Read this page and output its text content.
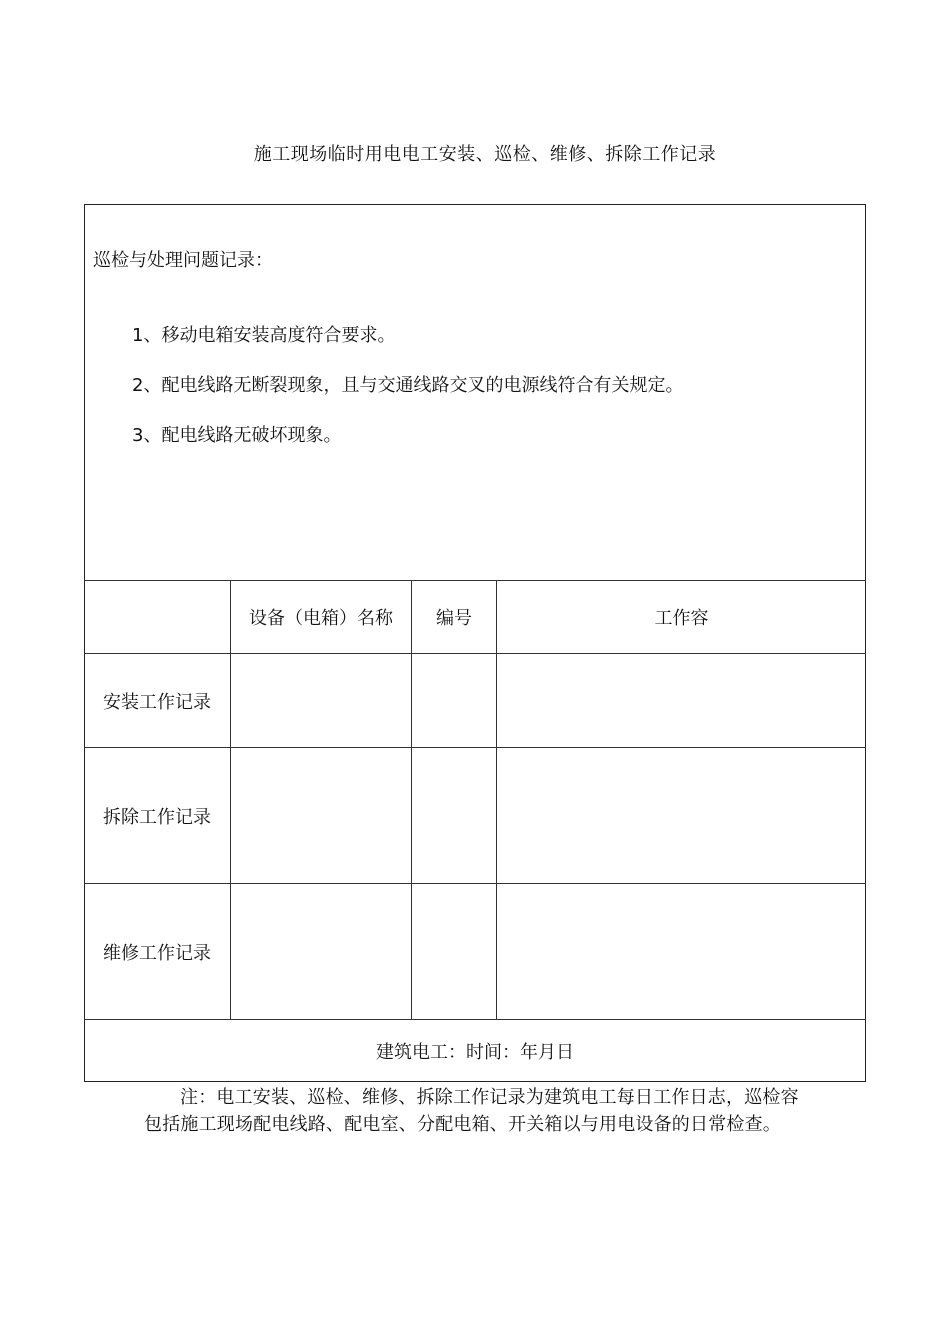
施工现场临时用电电工安装、巡检、维修、拆除工作记录
巡检与处理问题记录：
1、移动电箱安装高度符合要求。
2、配电线路无断裂现象，且与交通线路交叉的电源线符合有关规定。
3、配电线路无破坏现象。
设备（电箱）名称	编号	工作容
安装工作记录
拆除工作记录
维修工作记录
建筑电工：时间：年月日
注：电工安装、巡检、维修、拆除工作记录为建筑电工每日工作日志，巡检容包括施工现场配电线路、配电室、分配电箱、开关箱以与用电设备的日常检查。
